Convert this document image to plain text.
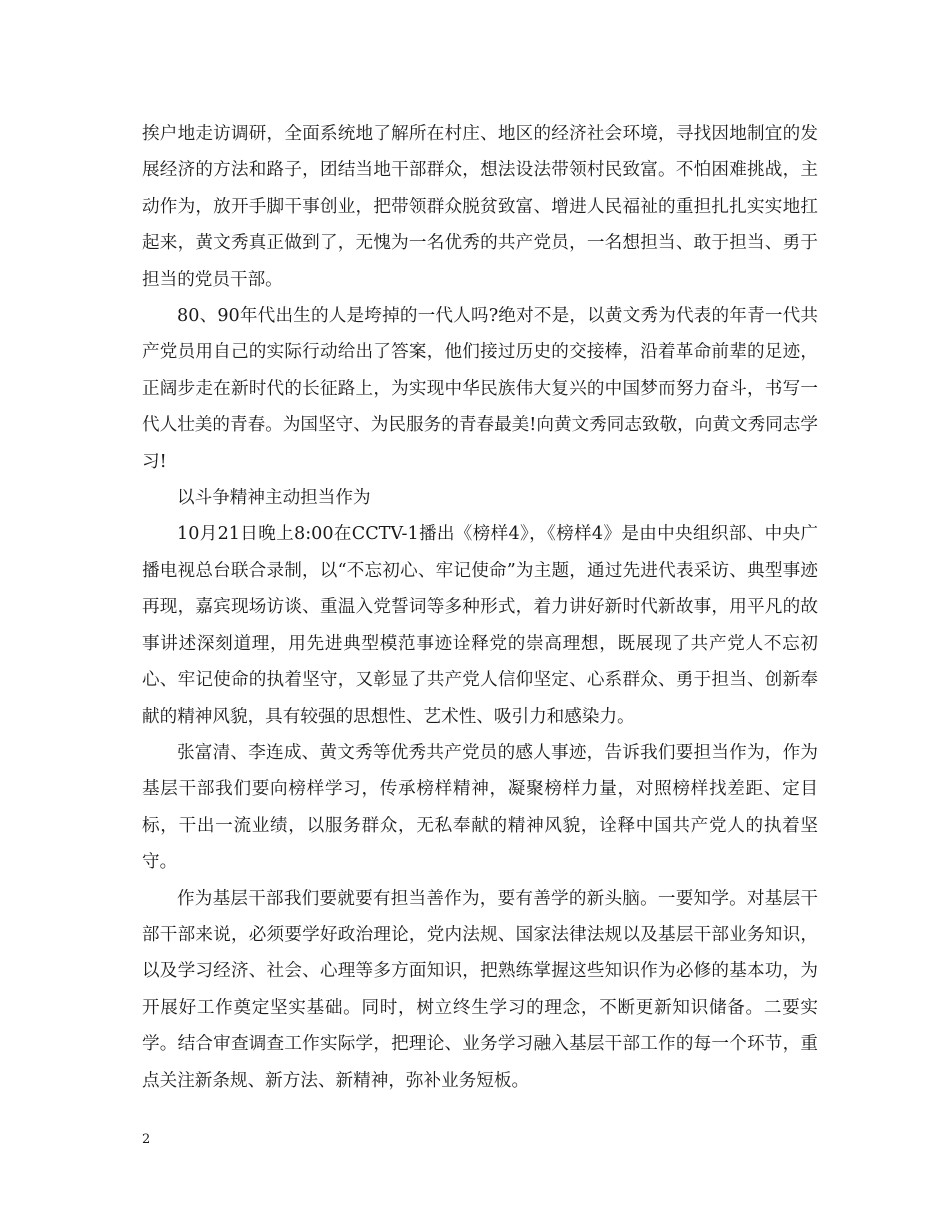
挨户地走访调研，全面系统地了解所在村庄、地区的经济社会环境，寻找因地制宜的发展经济的方法和路子，团结当地干部群众，想法设法带领村民致富。不怕困难挑战，主动作为，放开手脚干事创业，把带领群众脱贫致富、增进人民福祉的重担扎扎实实地扛起来，黄文秀真正做到了，无愧为一名优秀的共产党员，一名想担当、敢于担当、勇于担当的党员干部。

80、90年代出生的人是垮掉的一代人吗?绝对不是，以黄文秀为代表的年青一代共产党员用自己的实际行动给出了答案，他们接过历史的交接棒，沿着革命前辈的足迹，正阔步走在新时代的长征路上，为实现中华民族伟大复兴的中国梦而努力奋斗，书写一代人壮美的青春。为国坚守、为民服务的青春最美!向黄文秀同志致敬，向黄文秀同志学习!

以斗争精神主动担当作为

10月21日晚上8:00在CCTV-1播出《榜样4》，《榜样4》是由中央组织部、中央广播电视总台联合录制，以“不忘初心、牢记使命”为主题，通过先进代表采访、典型事迹再现，嘉宾现场访谈、重温入党誓词等多种形式，着力讲好新时代新故事，用平凡的故事讲述深刻道理，用先进典型模范事迹诠释党的崇高理想，既展现了共产党人不忘初心、牢记使命的执着坚守，又彰显了共产党人信仰坚定、心系群众、勇于担当、创新奉献的精神风貌，具有较强的思想性、艺术性、吸引力和感染力。

张富清、李连成、黄文秀等优秀共产党员的感人事迹，告诉我们要担当作为，作为基层干部我们要向榜样学习，传承榜样精神，凝聚榜样力量，对照榜样找差距、定目标，干出一流业绩，以服务群众，无私奉献的精神风貌，诠释中国共产党人的执着坚守。

作为基层干部我们要就要有担当善作为，要有善学的新头脑。一要知学。对基层干部干部来说，必须要学好政治理论，党内法规、国家法律法规以及基层干部业务知识，以及学习经济、社会、心理等多方面知识，把熟练掌握这些知识作为必修的基本功，为开展好工作奠定坚实基础。同时，树立终生学习的理念，不断更新知识储备。二要实学。结合审查调查工作实际学，把理论、业务学习融入基层干部工作的每一个环节，重点关注新条规、新方法、新精神，弥补业务短板。

2
